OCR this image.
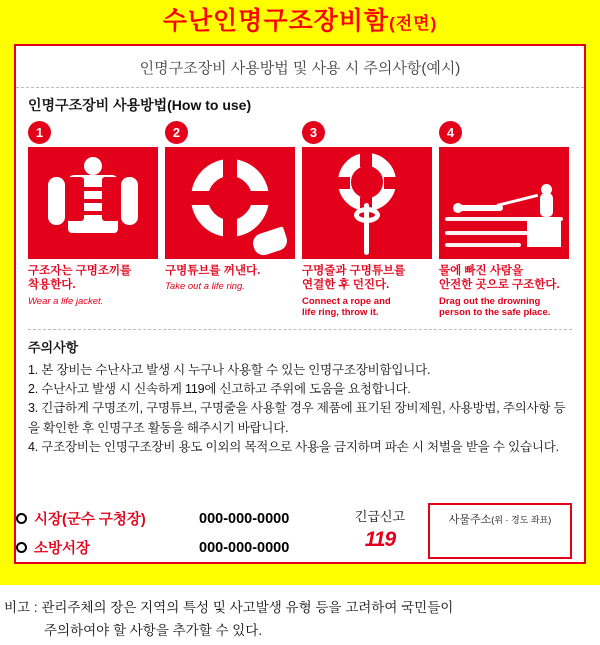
수난인명구조장비함(전면)
인명구조장비 사용방법 및 사용 시 주의사항(예시)
인명구조장비 사용방법(How to use)
1
구조자는 구명조끼를
착용한다.
Wear a life jacket.
2
구명튜브를 꺼낸다.
Take out a life ring.
3
구명줄과 구명튜브를
연결한 후 던진다.
Connect a rope and
life ring, throw it.
4
물에 빠진 사람을
안전한 곳으로 구조한다.
Drag out the drowning
person to the safe place.
주의사항
1. 본 장비는 수난사고 발생 시 누구나 사용할 수 있는 인명구조장비함입니다.
2. 수난사고 발생 시 신속하게 119에 신고하고 주위에 도움을 요청합니다.
3. 긴급하게 구명조끼, 구명튜브, 구명줄을 사용할 경우 제품에 표기된 장비제원, 사용방법, 주의사항 등을 확인한 후 인명구조 활동을 해주시기 바랍니다.
4. 구조장비는 인명구조장비 용도 이외의 목적으로 사용을 금지하며 파손 시 처벌을 받을 수 있습니다.
시장(군수 구청장)	000-000-0000
소방서장	000-000-0000
긴급신고
119
사물주소(위 · 경도 좌표)
비고 : 관리주체의 장은 지역의 특성 및 사고발생 유형 등을 고려하여 국민들이
주의하여야 할 사항을 추가할 수 있다.
